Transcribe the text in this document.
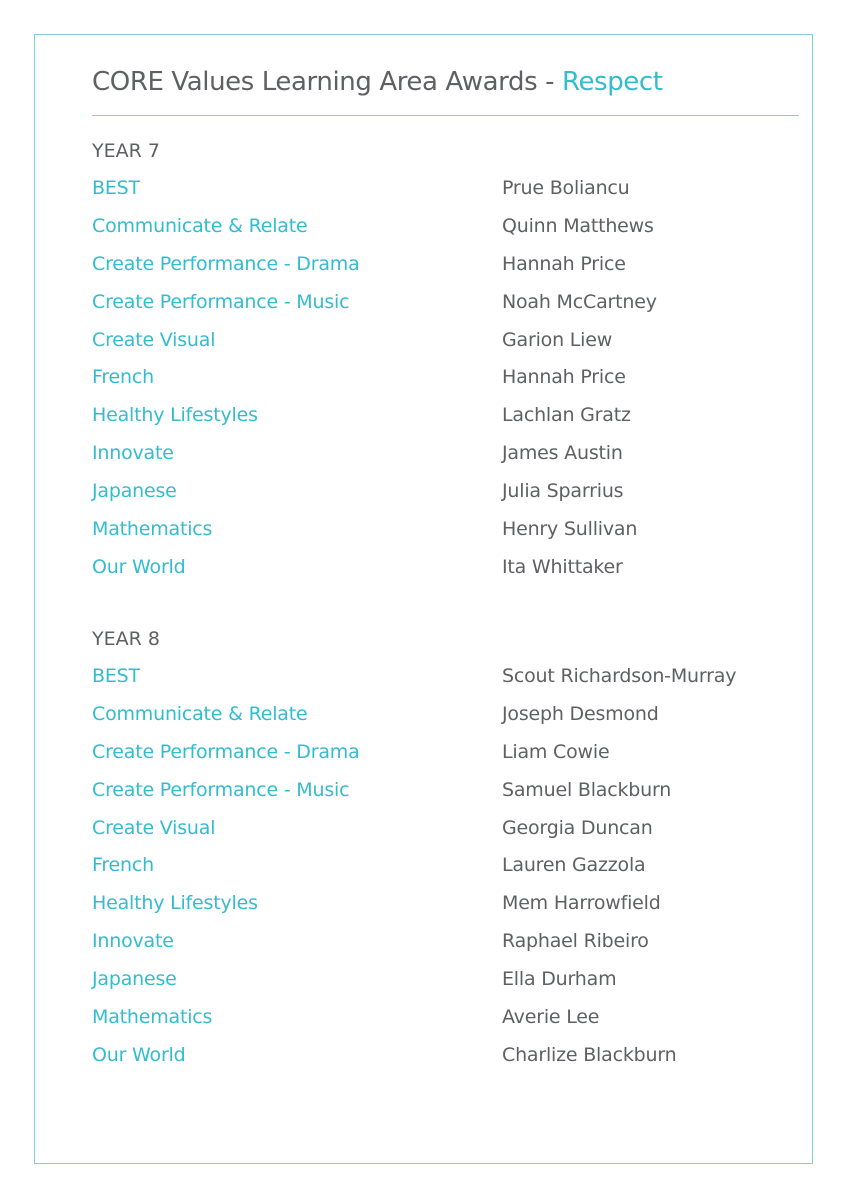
CORE Values Learning Area Awards - Respect
YEAR 7
BEST	Prue Boliancu
Communicate & Relate	Quinn Matthews
Create Performance - Drama	Hannah Price
Create Performance - Music	Noah McCartney
Create Visual	Garion Liew
French	Hannah Price
Healthy Lifestyles	Lachlan Gratz
Innovate	James Austin
Japanese	Julia Sparrius
Mathematics	Henry Sullivan
Our World	Ita Whittaker
YEAR 8
BEST	Scout Richardson-Murray
Communicate & Relate	Joseph Desmond
Create Performance - Drama	Liam Cowie
Create Performance - Music	Samuel Blackburn
Create Visual	Georgia Duncan
French	Lauren Gazzola
Healthy Lifestyles	Mem Harrowfield
Innovate	Raphael Ribeiro
Japanese	Ella Durham
Mathematics	Averie Lee
Our World	Charlize Blackburn
